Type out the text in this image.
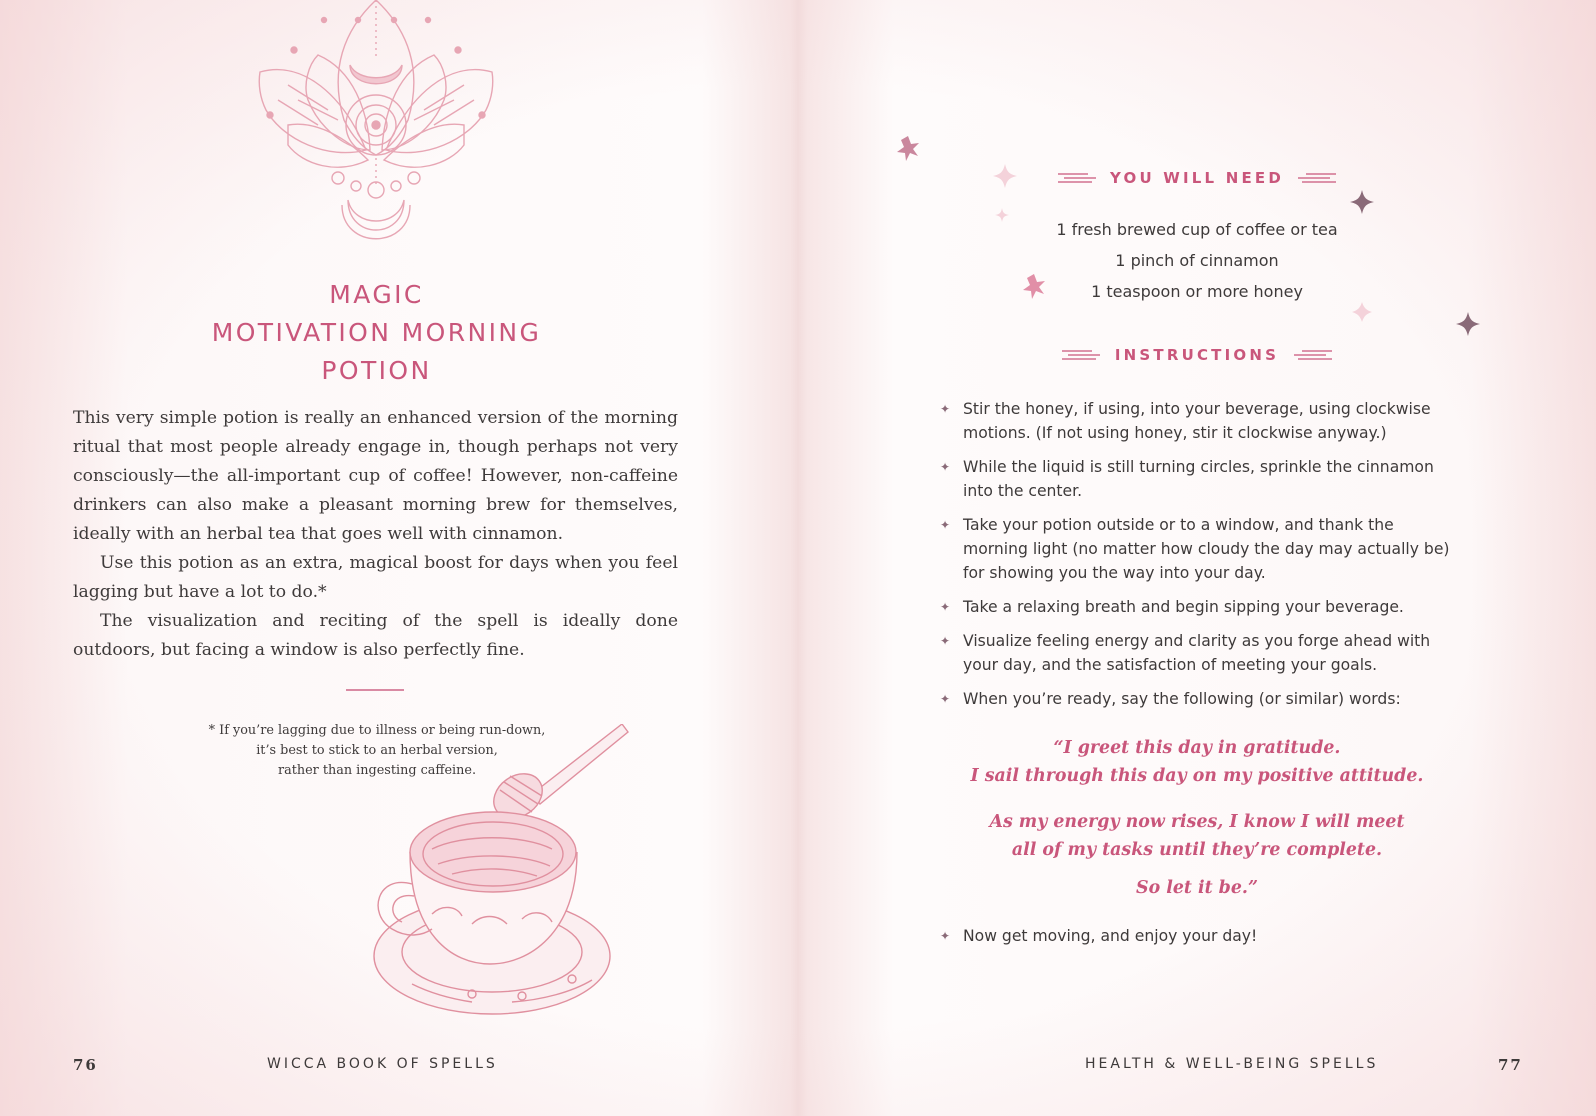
MAGIC
MOTIVATION MORNING
POTION

This very simple potion is really an enhanced version of the morning ritual that most people already engage in, though perhaps not very consciously—the all-important cup of coffee! However, non-caffeine drinkers can also make a pleasant morning brew for themselves, ideally with an herbal tea that goes well with cinnamon.

Use this potion as an extra, magical boost for days when you feel lagging but have a lot to do.*

The visualization and reciting of the spell is ideally done outdoors, but facing a window is also perfectly fine.

* If you’re lagging due to illness or being run-down,
it’s best to stick to an herbal version,
rather than ingesting caffeine.
76	WICCA BOOK OF SPELLS
YOU WILL NEED
1 fresh brewed cup of coffee or tea
1 pinch of cinnamon
1 teaspoon or more honey
INSTRUCTIONS
✦ Stir the honey, if using, into your beverage, using clockwise
motions. (If not using honey, stir it clockwise anyway.)
✦ While the liquid is still turning circles, sprinkle the cinnamon
into the center.
✦ Take your potion outside or to a window, and thank the
morning light (no matter how cloudy the day may actually be)
for showing you the way into your day.
✦ Take a relaxing breath and begin sipping your beverage.
✦ Visualize feeling energy and clarity as you forge ahead with
your day, and the satisfaction of meeting your goals.
✦ When you’re ready, say the following (or similar) words:
“I greet this day in gratitude.
I sail through this day on my positive attitude.
As my energy now rises, I know I will meet
all of my tasks until they’re complete.
So let it be.”
✦ Now get moving, and enjoy your day!
HEALTH & WELL-BEING SPELLS	77
